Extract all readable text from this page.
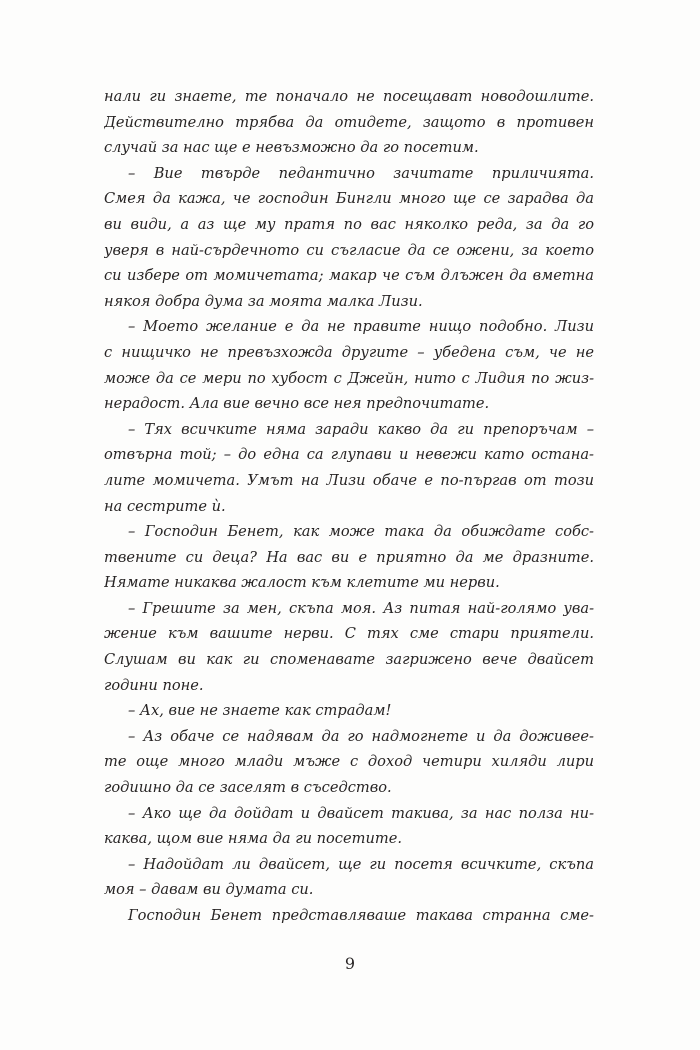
нали ги знаете, те поначало не посещават новодошлите.
Действително трябва да отидете, защото в противен
случай за нас ще е невъзможно да го посетим.
– Вие твърде педантично зачитате приличията.
Смея да кажа, че господин Бингли много ще се зарадва да
ви види, а аз ще му пратя по вас няколко реда, за да го
уверя в най-сърдечното си съгласие да се ожени, за което
си избере от момичетата; макар че съм длъжен да вметна
някоя добра дума за моята малка Лизи.
– Моето желание е да не правите нищо подобно. Лизи
с нищичко не превъзхожда другите – убедена съм, че не
може да се мери по хубост с Джейн, нито с Лидия по жиз-
нерадост. Ала вие вечно все нея предпочитате.
– Тях всичките няма заради какво да ги препоръчам –
отвърна той; – до една са глупави и невежи като остана-
лите момичета. Умът на Лизи обаче е по-пъргав от този
на сестрите ѝ.
– Господин Бенет, как може така да обиждате собс-
твените си деца? На вас ви е приятно да ме дразните.
Нямате никаква жалост към клетите ми нерви.
– Грешите за мен, скъпа моя. Аз питая най-голямо ува-
жение към вашите нерви. С тях сме стари приятели.
Слушам ви как ги споменавате загрижено вече двайсет
години поне.
– Ах, вие не знаете как страдам!
– Аз обаче се надявам да го надмогнете и да доживее-
те още много млади мъже с доход четири хиляди лири
годишно да се заселят в съседство.
– Ако ще да дойдат и двайсет такива, за нас полза ни-
каква, щом вие няма да ги посетите.
– Надойдат ли двайсет, ще ги посетя всичките, скъпа
моя – давам ви думата си.
Господин Бенет представляваше такава странна сме-
9
